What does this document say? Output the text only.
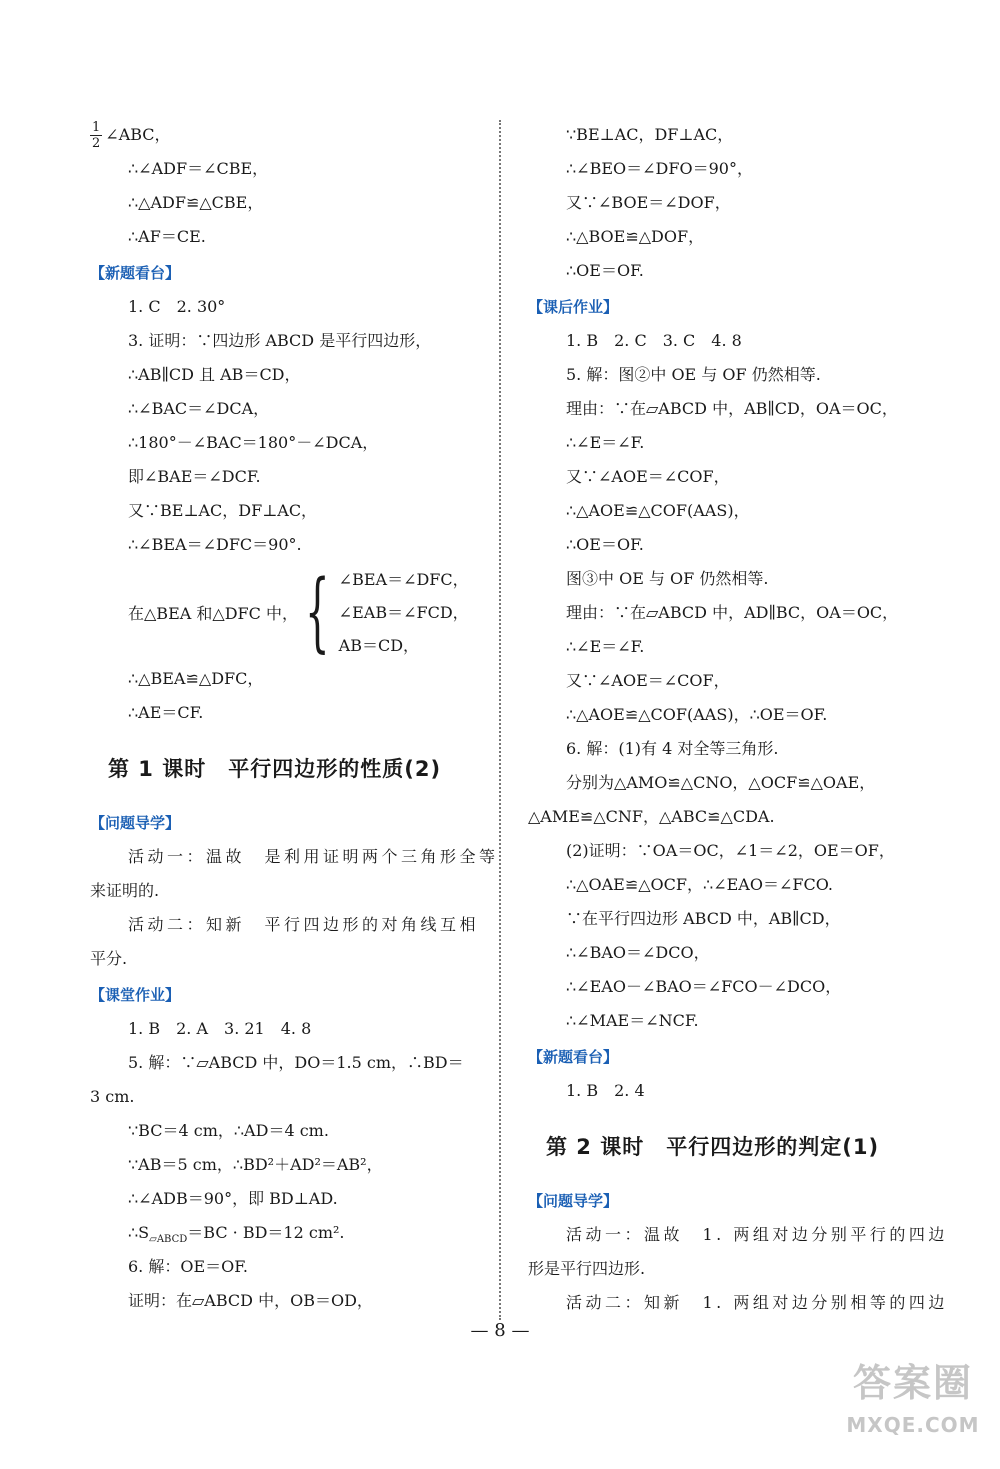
$\frac{1}{2}$ ∠ABC，
∴∠ADF＝∠CBE，
∴△ADF≌△CBE，
∴AF＝CE.
【新题看台】
1. C　2. 30°
3. 证明：∵四边形 ABCD 是平行四边形，
∴AB∥CD 且 AB＝CD，
∴∠BAC＝∠DCA，
∴180°－∠BAC＝180°－∠DCA，
即∠BAE＝∠DCF.
又∵BE⊥AC，DF⊥AC，
∴∠BEA＝∠DFC＝90°.
在△BEA 和△DFC 中， { ∠BEA＝∠DFC，
∠EAB＝∠FCD，
AB＝CD，
∴△BEA≌△DFC，
∴AE＝CF.
第 1 课时　平行四边形的性质(2)
【问题导学】
活动一：温故　是利用证明两个三角形全等
来证明的.
活动二：知新　平行四边形的对角线互相
平分.
【课堂作业】
1. B　2. A　3. 21　4. 8
5. 解：∵▱ABCD 中，DO＝1.5 cm，∴BD＝
3 cm.
∵BC＝4 cm，∴AD＝4 cm.
∵AB＝5 cm，∴BD²＋AD²＝AB²，
∴∠ADB＝90°，即 BD⊥AD.
$\therefore S_{▱ABCD}=BC \cdot BD=12$ cm².
6. 解：OE＝OF.
证明：在▱ABCD 中，OB＝OD，
∵BE⊥AC，DF⊥AC，
∴∠BEO＝∠DFO＝90°，
又∵∠BOE＝∠DOF，
∴△BOE≌△DOF，
∴OE＝OF.
【课后作业】
1. B　2. C　3. C　4. 8
5. 解：图②中 OE 与 OF 仍然相等.
理由：∵在▱ABCD 中，AB∥CD，OA＝OC，
∴∠E＝∠F.
又∵∠AOE＝∠COF，
∴△AOE≌△COF(AAS)，
∴OE＝OF.
图③中 OE 与 OF 仍然相等.
理由：∵在▱ABCD 中，AD∥BC，OA＝OC，
∴∠E＝∠F.
又∵∠AOE＝∠COF，
∴△AOE≌△COF(AAS)，∴OE＝OF.
6. 解：(1)有 4 对全等三角形.
分别为△AMO≌△CNO，△OCF≌△OAE，
△AME≌△CNF，△ABC≌△CDA.
(2)证明：∵OA＝OC，∠1＝∠2，OE＝OF，
∴△OAE≌△OCF，∴∠EAO＝∠FCO.
∵在平行四边形 ABCD 中，AB∥CD，
∴∠BAO＝∠DCO，
∴∠EAO－∠BAO＝∠FCO－∠DCO，
∴∠MAE＝∠NCF.
【新题看台】
1. B　2. 4
第 2 课时　平行四边形的判定(1)
【问题导学】
活动一：温故　1. 两组对边分别平行的四边
形是平行四边形.
活动二：知新　1. 两组对边分别相等的四边
— 8 —
答案圈
MXQE.COM
